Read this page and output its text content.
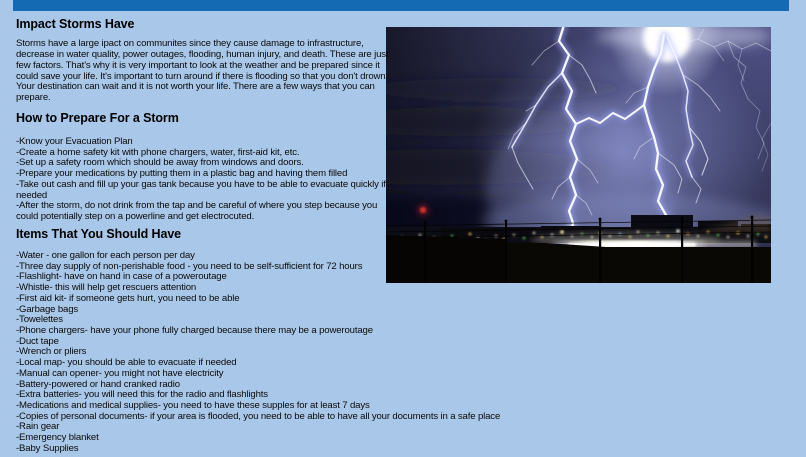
Impact Storms Have

Storms have a large ipact on communites since they cause damage to infrastructure, decrease in water quality, power outages, flooding, human injury, and death. These are just few factors. That's why it is very important to look at the weather and be prepared since it could save your life. It's important to turn around if there is flooding so that you don't drown. Your destination can wait and it is not worth your life. There are a few ways that you can prepare.

How to Prepare For a Storm
-Know your Evacuation Plan
-Create a home safety kit with phone chargers, water, first-aid kit, etc.
-Set up a safety room which should be away from windows and doors.
-Prepare your medications by putting them in a plastic bag and having them filled
-Take out cash and fill up your gas tank because you have to be able to evacuate quickly if needed
-After the storm, do not drink from the tap and be careful of where you step because you could potentially step on a powerline and get electrocuted.
Items That You Should Have
-Water - one gallon for each person per day
-Three day supply of non-perishable food - you need to be self-sufficient for 72 hours
-Flashlight- have on hand in case of a poweroutage
-Whistle- this will help get rescuers attention
-First aid kit- if someone gets hurt, you need to be able
-Garbage bags
-Towelettes
-Phone chargers- have your phone fully charged because there may be a poweroutage
-Duct tape
-Wrench or pliers
-Local map- you should be able to evacuate if needed
-Manual can opener- you might not have electricity
-Battery-powered or hand cranked radio
-Extra batteries- you will need this for the radio and flashlights
-Medications and medical supplies- you need to have these supples for at least 7 days
-Copies of personal documents- if your area is flooded, you need to be able to have all your documents in a safe place
-Rain gear
-Emergency blanket
-Baby Supplies
